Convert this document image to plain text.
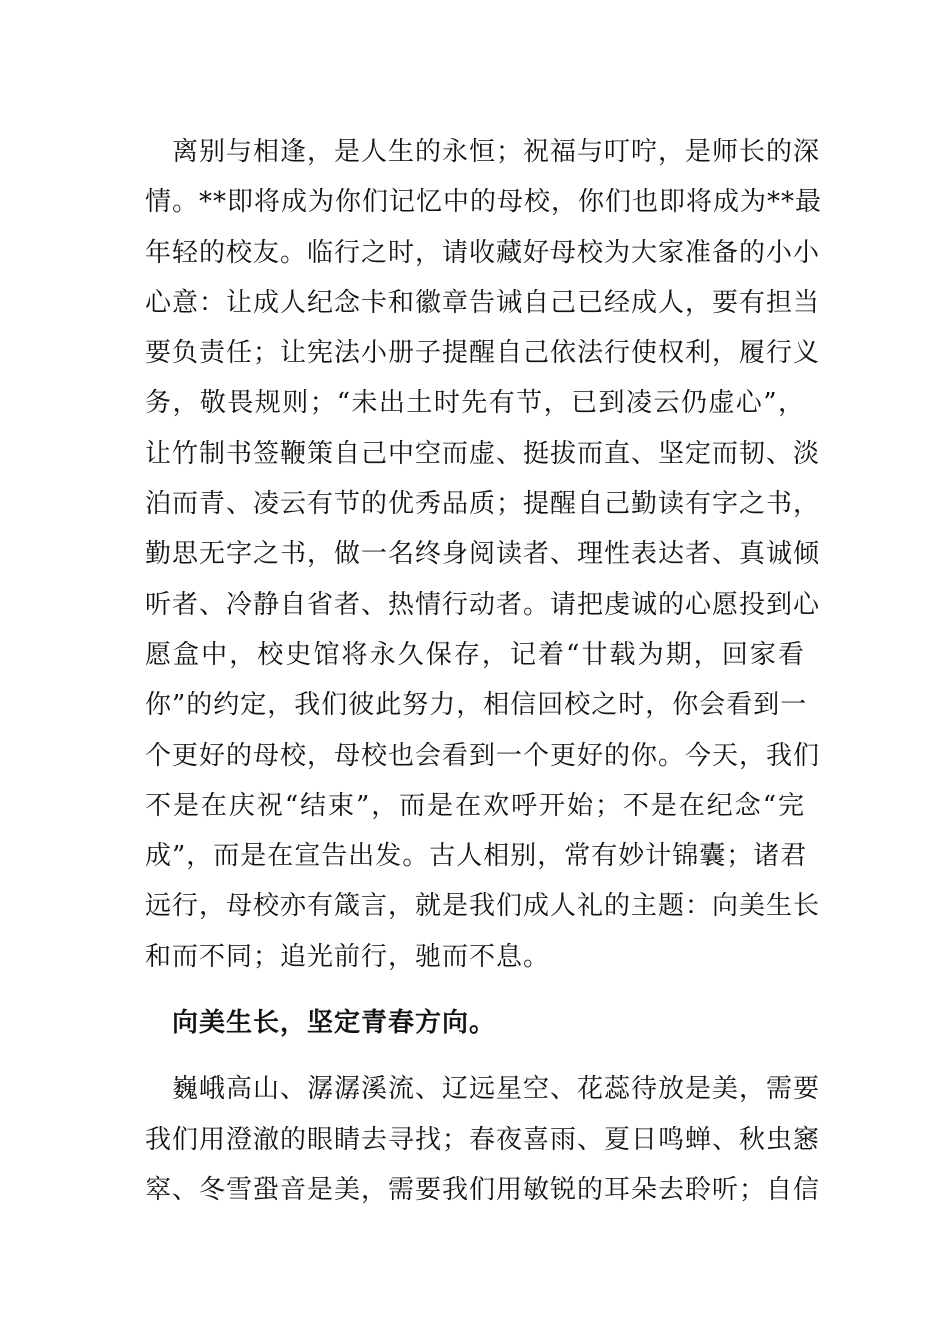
　离别与相逢，是人生的永恒；祝福与叮咛，是师长的深
情。**即将成为你们记忆中的母校，你们也即将成为**最
年轻的校友。临行之时，请收藏好母校为大家准备的小小
心意：让成人纪念卡和徽章告诫自己已经成人，要有担当
要负责任；让宪法小册子提醒自己依法行使权利，履行义
务，敬畏规则；“未出土时先有节，已到凌云仍虚心”，
让竹制书签鞭策自己中空而虚、挺拔而直、坚定而韧、淡
泊而青、凌云有节的优秀品质；提醒自己勤读有字之书，
勤思无字之书，做一名终身阅读者、理性表达者、真诚倾
听者、冷静自省者、热情行动者。请把虔诚的心愿投到心
愿盒中，校史馆将永久保存，记着“廿载为期，回家看
你”的约定，我们彼此努力，相信回校之时，你会看到一
个更好的母校，母校也会看到一个更好的你。今天，我们
不是在庆祝“结束”，而是在欢呼开始；不是在纪念“完
成”，而是在宣告出发。古人相别，常有妙计锦囊；诸君
远行，母校亦有箴言，就是我们成人礼的主题：向美生长
和而不同；追光前行，驰而不息。
　向美生长，坚定青春方向。
　巍峨高山、潺潺溪流、辽远星空、花蕊待放是美，需要
我们用澄澈的眼睛去寻找；春夜喜雨、夏日鸣蝉、秋虫窸
窣、冬雪蛩音是美，需要我们用敏锐的耳朵去聆听；自信
